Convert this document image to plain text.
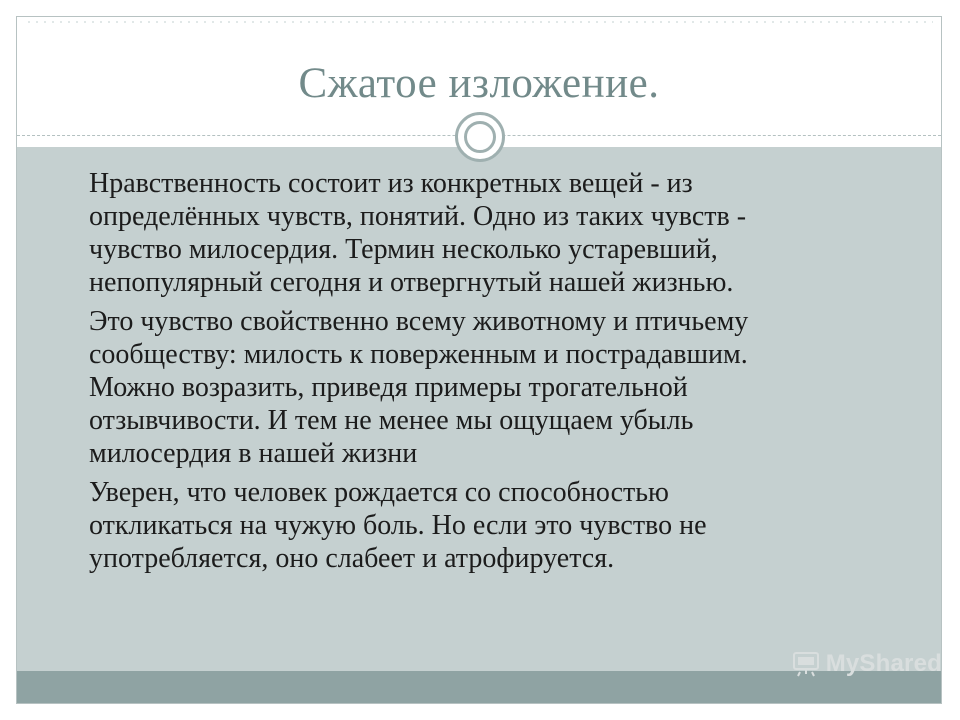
Сжатое изложение.
Нравственность состоит из конкретных вещей - из
определённых чувств, понятий. Одно из таких чувств -
чувство милосердия. Термин несколько устаревший,
непопулярный сегодня и отвергнутый нашей жизнью.
Это чувство свойственно всему животному и птичьему
сообществу: милость к поверженным и пострадавшим.
Можно возразить, приведя примеры трогательной
отзывчивости. И тем не менее мы ощущаем убыль
милосердия в нашей жизни
Уверен, что человек рождается со способностью
откликаться на чужую боль. Но если это чувство не
употребляется, оно слабеет и атрофируется.
MyShared
